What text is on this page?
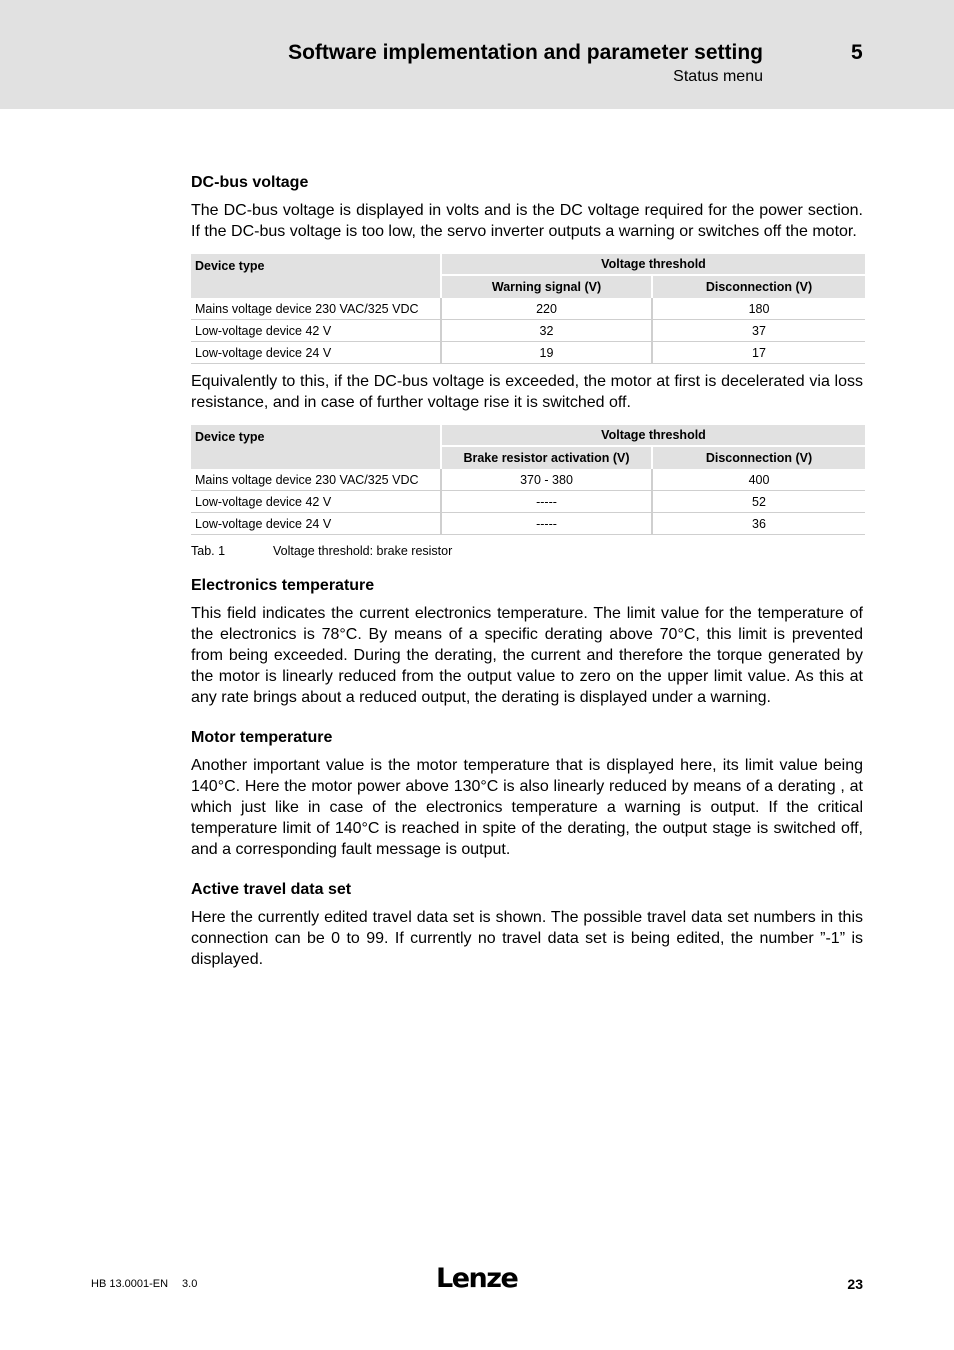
Software implementation and parameter setting	5
Status menu
DC-bus voltage

The DC-bus voltage is displayed in volts and is the DC voltage required for the power section. If the DC-bus voltage is too low, the servo inverter outputs a warning or switches off the motor.

Device type	Voltage threshold	
	Warning signal (V)	Disconnection (V)
Mains voltage device 230 VAC/325 VDC	220	180
Low-voltage device 42 V	32	37
Low-voltage device 24 V	19	17

Equivalently to this, if the DC-bus voltage is exceeded, the motor at first is decelerated via loss resistance, and in case of further voltage rise it is switched off.

Device type	Voltage threshold	
	Brake resistor activation (V)	Disconnection (V)
Mains voltage device 230 VAC/325 VDC	370 - 380	400
Low-voltage device 42 V	-----	52
Low-voltage device 24 V	-----	36
Tab. 1	Voltage threshold: brake resistor
Electronics temperature

This field indicates the current electronics temperature. The limit value for the temperature of the electronics is 78°C. By means of a specific derating above 70°C, this limit is prevented from being exceeded. During the derating, the current and therefore the torque generated by the motor is linearly reduced from the output value to zero on the upper limit value. As this at any rate brings about a reduced output, the derating is displayed under a warning.

Motor temperature

Another important value is the motor temperature that is displayed here, its limit value being 140°C. Here the motor power above 130°C is also linearly reduced by means of a derating , at which just like in case of the electronics temperature a warning is output. If the critical temperature limit of 140°C is reached in spite of the derating, the output stage is switched off, and a corresponding fault message is output.

Active travel data set

Here the currently edited travel data set is shown. The possible travel data set numbers in this connection can be 0 to 99. If currently no travel data set is being edited, the number ”-1” is displayed.

HB 13.0001-EN 3.0	Lenze	23
